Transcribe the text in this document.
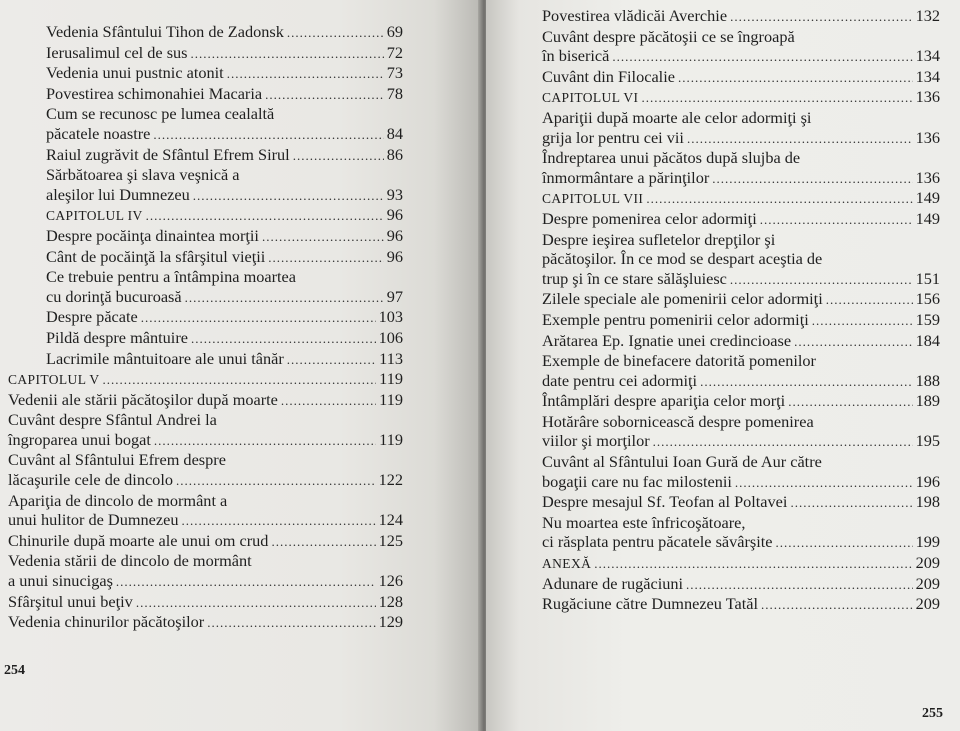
Vedenia Sfântului Tihon de Zadonsk .....	69
Ierusalimul cel de sus .....	72
Vedenia unui pustnic atonit .....	73
Povestirea schimonahiei Macaria .....	78
Cum se recunosc pe lumea cealaltă
păcatele noastre .....	84
Raiul zugrăvit de Sfântul Efrem Sirul .....	86
Sărbătoarea şi slava veşnică a
aleşilor lui Dumnezeu .....	93
CAPITOLUL IV .....	96
Despre pocăinţa dinaintea morţii .....	96
Cânt de pocăinţă la sfârşitul vieţii .....	96
Ce trebuie pentru a întâmpina moartea
cu dorinţă bucuroasă .....	97
Despre păcate .....	103
Pildă despre mântuire .....	106
Lacrimile mântuitoare ale unui tânăr .....	113
CAPITOLUL V .....	119
Vedenii ale stării păcătoşilor după moarte .....	119
Cuvânt despre Sfântul Andrei la
îngroparea unui bogat .....	119
Cuvânt al Sfântului Efrem despre
lăcaşurile cele de dincolo .....	122
Apariţia de dincolo de mormânt a
unui hulitor de Dumnezeu .....	124
Chinurile după moarte ale unui om crud .....	125
Vedenia stării de dincolo de mormânt
a unui sinucigaş .....	126
Sfârşitul unui beţiv .....	128
Vedenia chinurilor păcătoşilor .....	129
254
Povestirea vlădicăi Averchie .....	132
Cuvânt despre păcătoşii ce se îngroapă
în biserică .....	134
Cuvânt din Filocalie .....	134
CAPITOLUL VI .....	136
Apariţii după moarte ale celor adormiţi şi
grija lor pentru cei vii .....	136
Îndreptarea unui păcătos după slujba de
înmormântare a părinţilor .....	136
CAPITOLUL VII .....	149
Despre pomenirea celor adormiţi .....	149
Despre ieşirea sufletelor drepţilor şi
păcătoşilor. În ce mod se despart aceştia de
trup şi în ce stare sălăşluiesc .....	151
Zilele speciale ale pomenirii celor adormiţi .....	156
Exemple pentru pomenirii celor adormiţi .....	159
Arătarea Ep. Ignatie unei credincioase .....	184
Exemple de binefacere datorită pomenilor
date pentru cei adormiţi .....	188
Întâmplări despre apariţia celor morţi .....	189
Hotărâre sobornicească despre pomenirea
viilor şi morţilor .....	195
Cuvânt al Sfântului Ioan Gură de Aur către
bogaţii care nu fac milostenii .....	196
Despre mesajul Sf. Teofan al Poltavei .....	198
Nu moartea este înfricoşătoare,
ci răsplata pentru păcatele săvârşite .....	199
ANEXĂ .....	209
Adunare de rugăciuni .....	209
Rugăciune către Dumnezeu Tatăl .....	209
255
